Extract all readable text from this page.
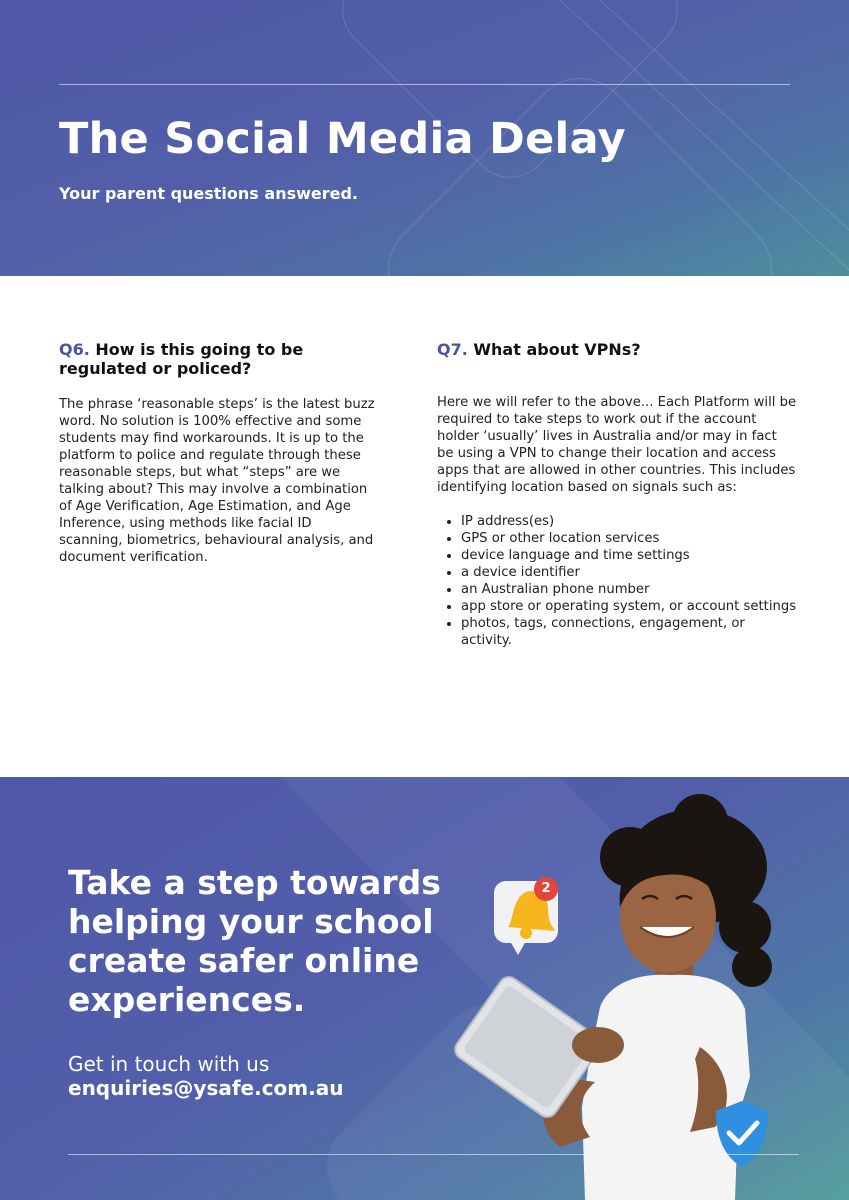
The Social Media Delay

Your parent questions answered.

Q6. How is this going to be regulated or policed?

The phrase ‘reasonable steps’ is the latest buzz word. No solution is 100% effective and some students may find workarounds. It is up to the platform to police and regulate through these reasonable steps, but what “steps” are we talking about? This may involve a combination of Age Verification, Age Estimation, and Age Inference, using methods like facial ID scanning, biometrics, behavioural analysis, and document verification.

Q7. What about VPNs?

Here we will refer to the above... Each Platform will be required to take steps to work out if the account holder ‘usually’ lives in Australia and/or may in fact be using a VPN to change their location and access apps that are allowed in other countries. This includes identifying location based on signals such as:

• IP address(es)
• GPS or other location services
• device language and time settings
• a device identifier
• an Australian phone number
• app store or operating system, or account settings
• photos, tags, connections, engagement, or activity.

Take a step towards helping your school create safer online experiences.

Get in touch with us

enquiries@ysafe.com.au

2
